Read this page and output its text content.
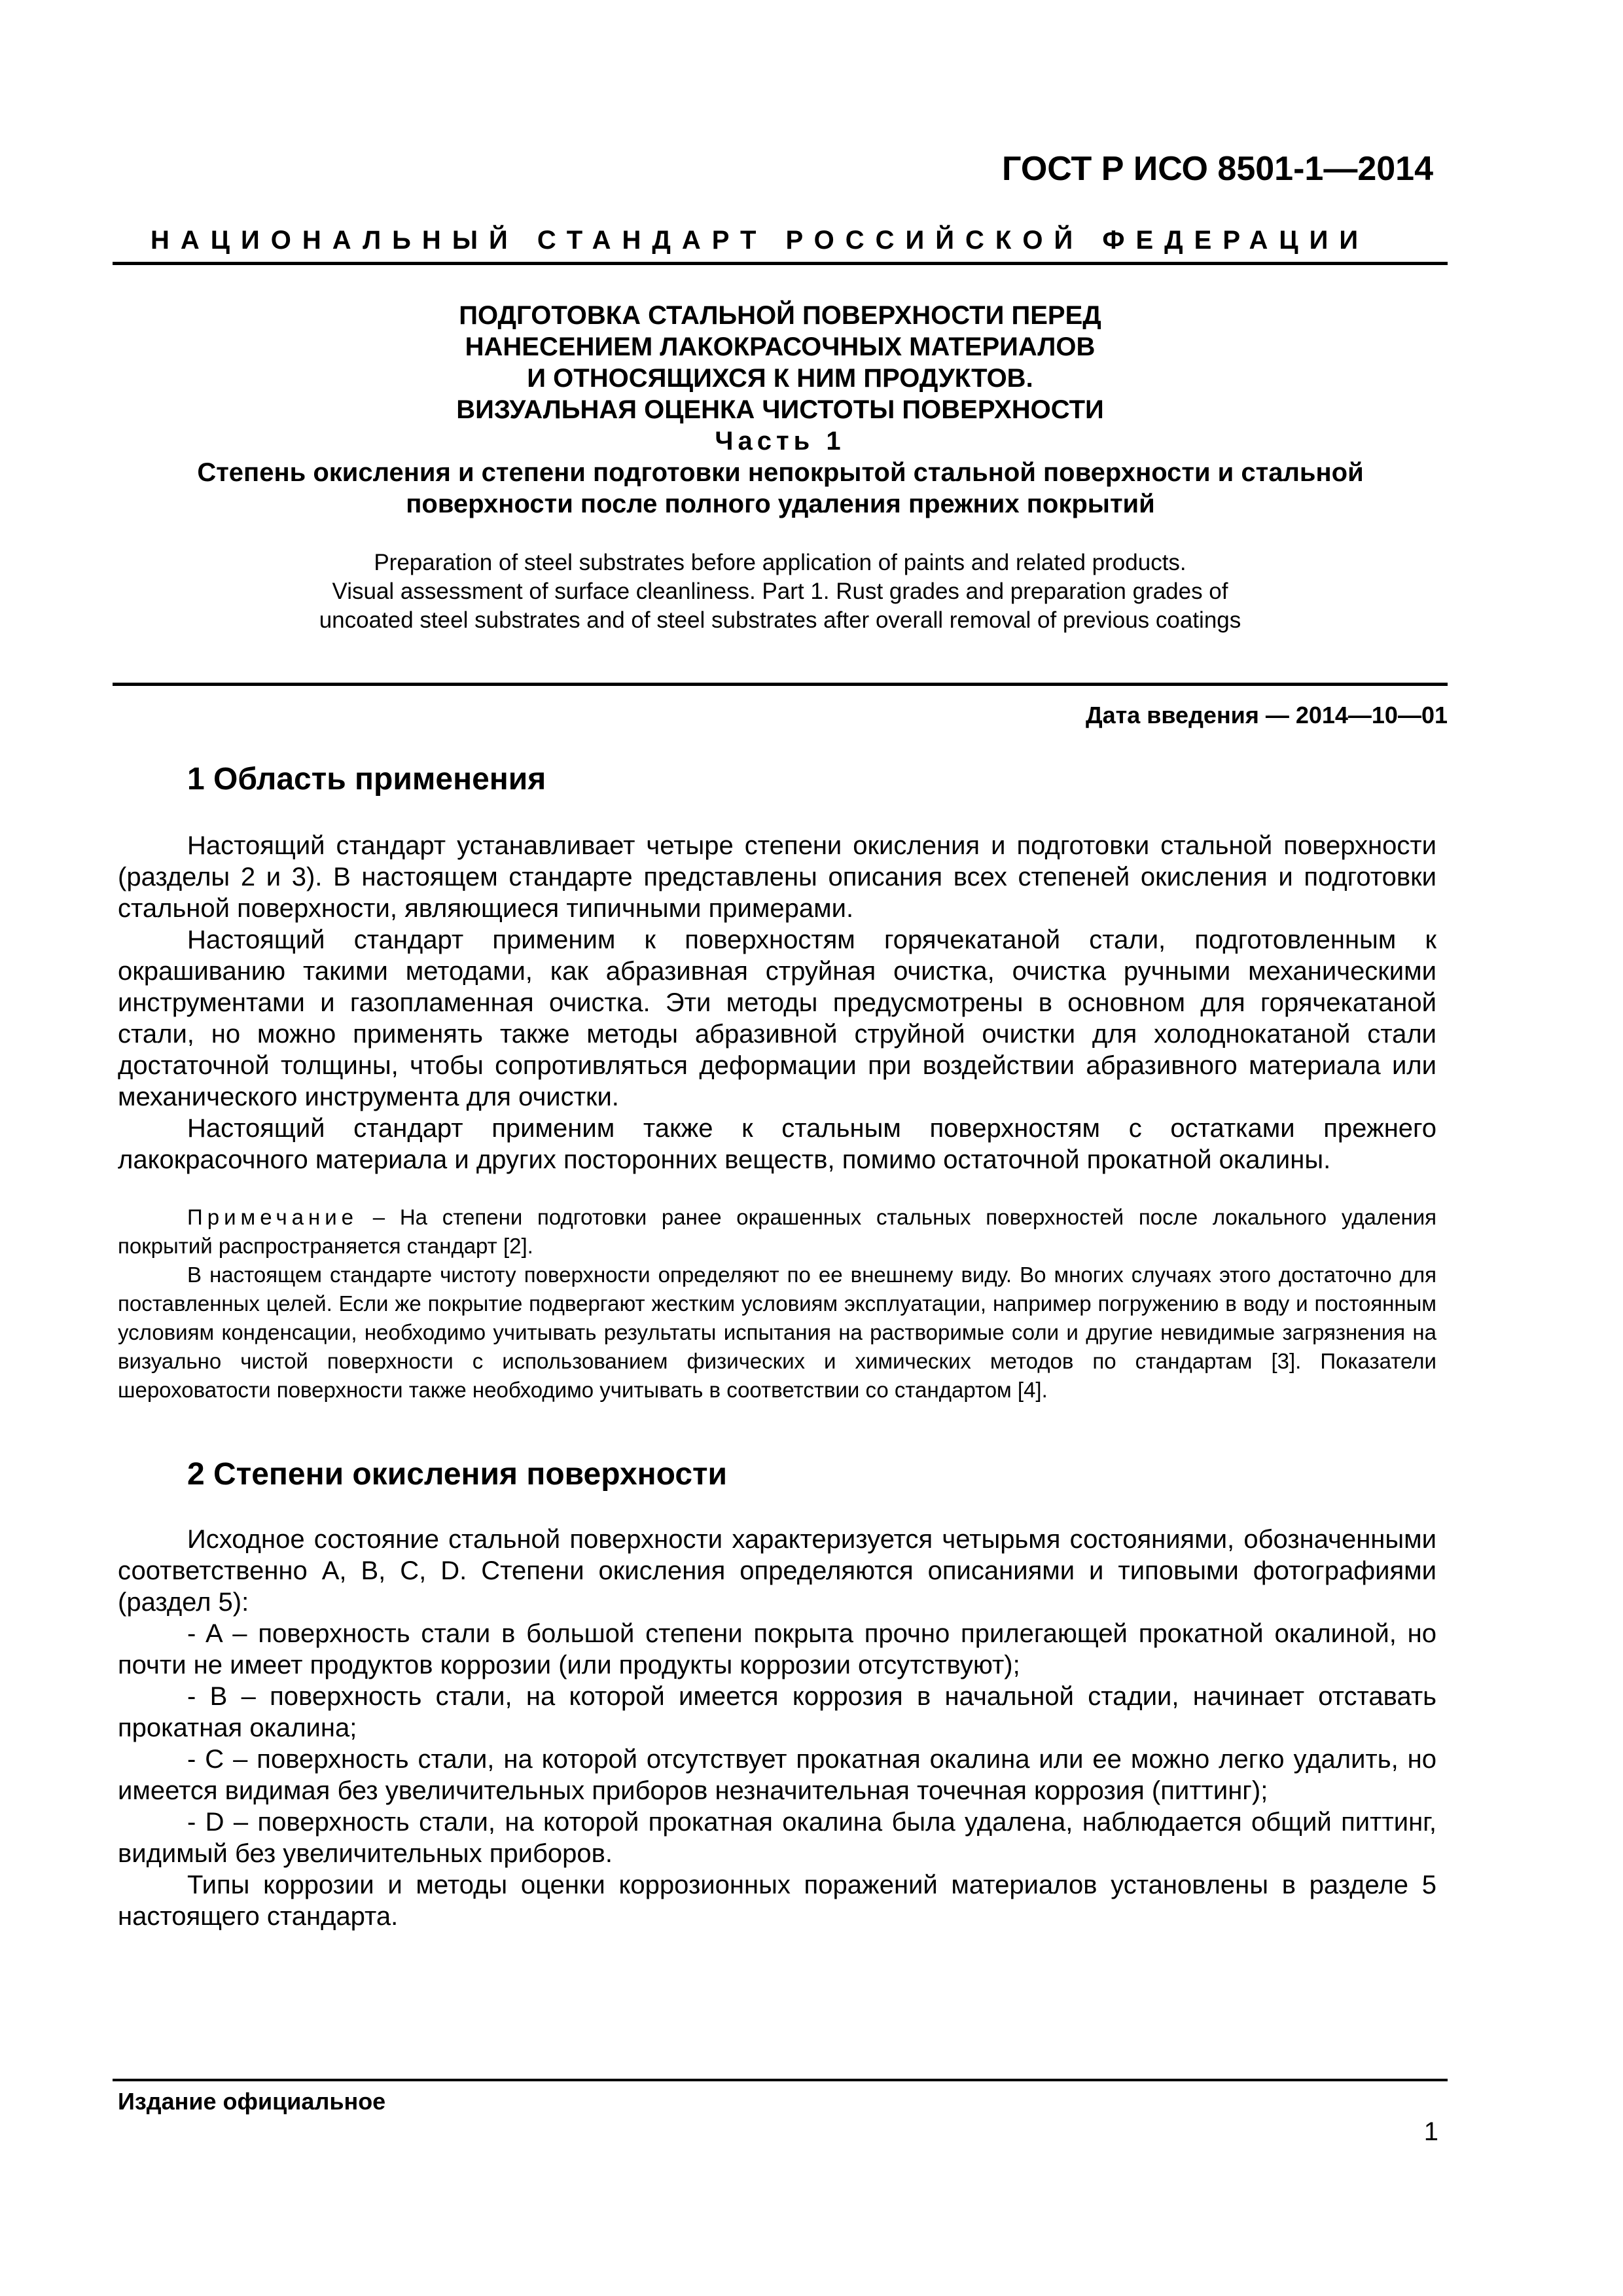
ГОСТ Р ИСО 8501-1—2014
НАЦИОНАЛЬНЫЙ СТАНДАРТ РОССИЙСКОЙ ФЕДЕРАЦИИ
ПОДГОТОВКА СТАЛЬНОЙ ПОВЕРХНОСТИ ПЕРЕД
НАНЕСЕНИЕМ ЛАКОКРАСОЧНЫХ МАТЕРИАЛОВ
И ОТНОСЯЩИХСЯ К НИМ ПРОДУКТОВ.
ВИЗУАЛЬНАЯ ОЦЕНКА ЧИСТОТЫ ПОВЕРХНОСТИ
Часть 1
Степень окисления и степени подготовки непокрытой стальной поверхности и стальной поверхности после полного удаления прежних покрытий
Preparation of steel substrates before application of paints and related products.
Visual assessment of surface cleanliness. Part 1. Rust grades and preparation grades of
uncoated steel substrates and of steel substrates after overall removal of previous coatings
Дата введения — 2014—10—01
1 Область применения

Настоящий стандарт устанавливает четыре степени окисления и подготовки стальной поверхности (разделы 2 и 3). В настоящем стандарте представлены описания всех степеней окисления и подготовки стальной поверхности, являющиеся типичными примерами.

Настоящий стандарт применим к поверхностям горячекатаной стали, подготовленным к окрашиванию такими методами, как абразивная струйная очистка, очистка ручными механическими инструментами и газопламенная очистка. Эти методы предусмотрены в основном для горячекатаной стали, но можно применять также методы абразивной струйной очистки для холоднокатаной стали достаточной толщины, чтобы сопротивляться деформации при воздействии абразивного материала или механического инструмента для очистки.

Настоящий стандарт применим также к стальным поверхностям с остатками прежнего лакокрасочного материала и других посторонних веществ, помимо остаточной прокатной окалины.

Примечание – На степени подготовки ранее окрашенных стальных поверхностей после локального удаления покрытий распространяется стандарт [2].

В настоящем стандарте чистоту поверхности определяют по ее внешнему виду. Во многих случаях этого достаточно для поставленных целей. Если же покрытие подвергают жестким условиям эксплуатации, например погружению в воду и постоянным условиям конденсации, необходимо учитывать результаты испытания на растворимые соли и другие невидимые загрязнения на визуально чистой поверхности с использованием физических и химических методов по стандартам [3]. Показатели шероховатости поверхности также необходимо учитывать в соответствии со стандартом [4].

2 Степени окисления поверхности

Исходное состояние стальной поверхности характеризуется четырьмя состояниями, обозначенными соответственно A, B, C, D. Степени окисления определяются описаниями и типовыми фотографиями (раздел 5):

- A – поверхность стали в большой степени покрыта прочно прилегающей прокатной окалиной, но почти не имеет продуктов коррозии (или продукты коррозии отсутствуют);

- B – поверхность стали, на которой имеется коррозия в начальной стадии, начинает отставать прокатная окалина;

- C – поверхность стали, на которой отсутствует прокатная окалина или ее можно легко удалить, но имеется видимая без увеличительных приборов незначительная точечная коррозия (питтинг);

- D – поверхность стали, на которой прокатная окалина была удалена, наблюдается общий питтинг, видимый без увеличительных приборов.

Типы коррозии и методы оценки коррозионных поражений материалов установлены в разделе 5 настоящего стандарта.

Издание официальное
1
